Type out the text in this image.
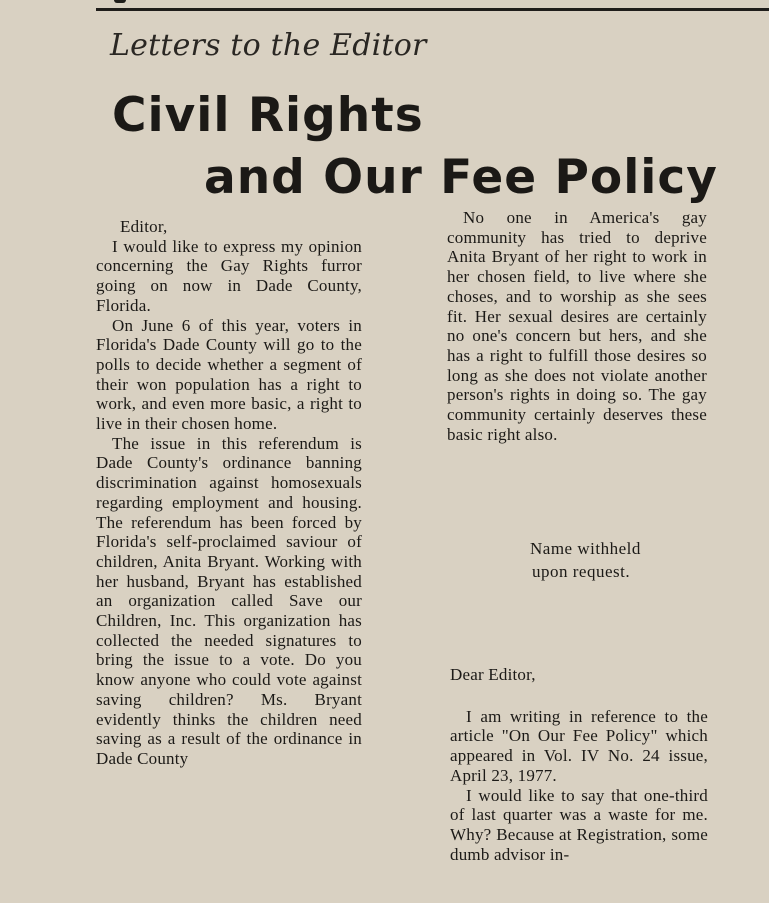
Letters to the Editor
Civil Rights
and Our Fee Policy

Editor,

I would like to express my opinion concerning the Gay Rights furror going on now in Dade County, Florida.

On June 6 of this year, voters in Florida's Dade County will go to the polls to decide whether a segment of their won population has a right to work, and even more basic, a right to live in their chosen home.

The issue in this referendum is Dade County's ordinance banning discrimination against homosexuals regarding employment and housing. The referendum has been forced by Florida's self-proclaimed saviour of children, Anita Bryant. Working with her husband, Bryant has established an organization called Save our Children, Inc. This organization has collected the needed signatures to bring the issue to a vote. Do you know anyone who could vote against saving children? Ms. Bryant evidently thinks the children need saving as a result of the ordinance in Dade County

No one in America's gay community has tried to deprive Anita Bryant of her right to work in her chosen field, to live where she choses, and to worship as she sees fit. Her sexual desires are certainly no one's concern but hers, and she has a right to fulfill those desires so long as she does not violate another person's rights in doing so. The gay community certainly deserves these basic right also.

Name withheld
upon request.

Dear Editor,

I am writing in reference to the article "On Our Fee Policy" which appeared in Vol. IV No. 24 issue, April 23, 1977.

I would like to say that one-third of last quarter was a waste for me. Why? Because at Registration, some dumb advisor in-
